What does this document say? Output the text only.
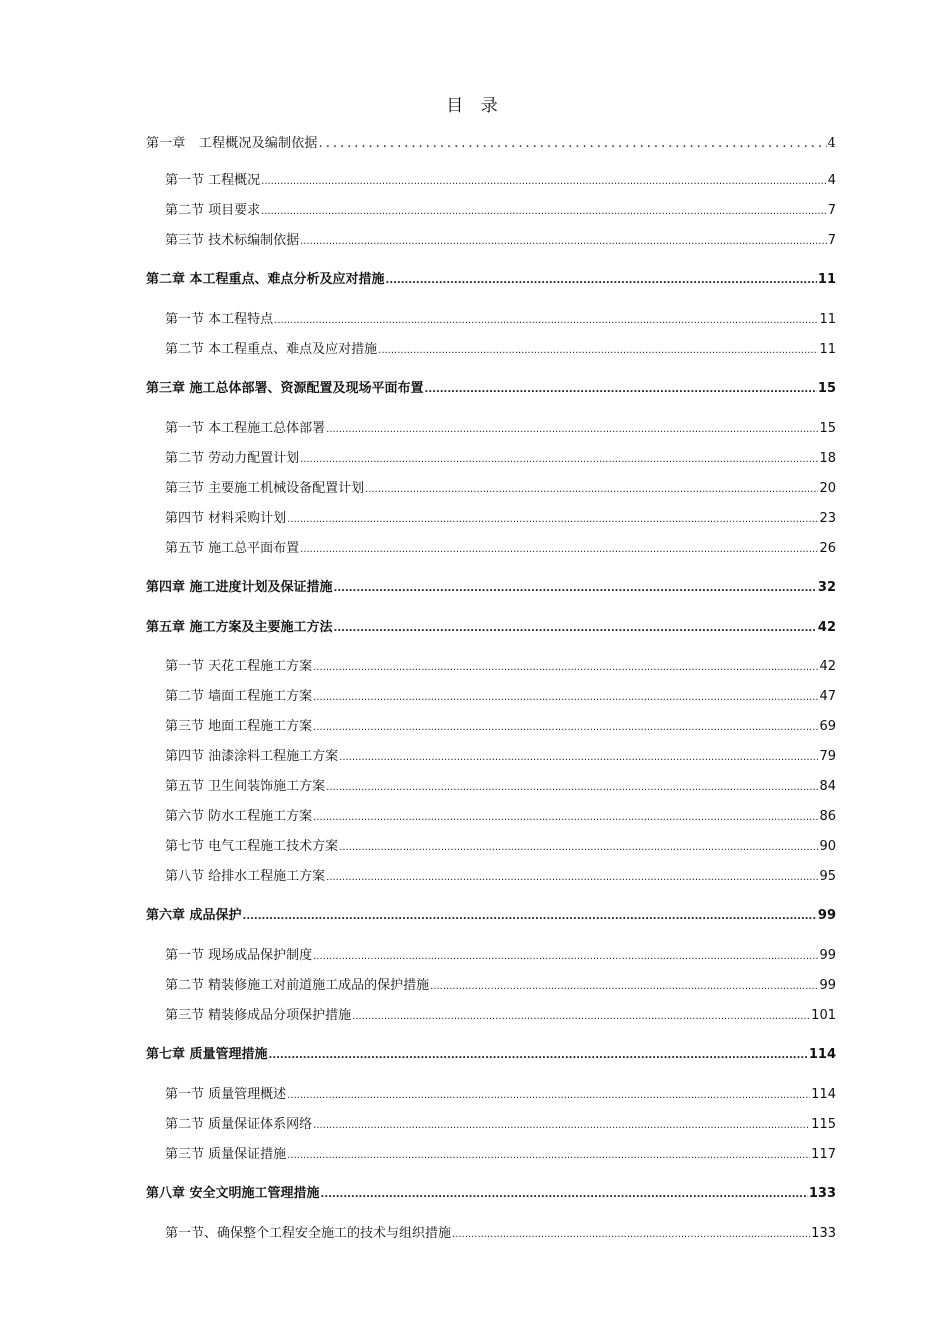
目 录
第一章　工程概况及编制依据 .....	4
第一节 工程概况 .....	4
第二节 项目要求 .....	7
第三节 技术标编制依据 .....	7
第二章 本工程重点、难点分析及应对措施 .....	11
第一节 本工程特点 .....	11
第二节 本工程重点、难点及应对措施 .....	11
第三章 施工总体部署、资源配置及现场平面布置 .....	15
第一节 本工程施工总体部署 .....	15
第二节 劳动力配置计划 .....	18
第三节 主要施工机械设备配置计划 .....	20
第四节 材料采购计划 .....	23
第五节 施工总平面布置 .....	26
第四章 施工进度计划及保证措施 .....	32
第五章 施工方案及主要施工方法 .....	42
第一节 天花工程施工方案 .....	42
第二节 墙面工程施工方案 .....	47
第三节 地面工程施工方案 .....	69
第四节 油漆涂料工程施工方案 .....	79
第五节 卫生间装饰施工方案 .....	84
第六节 防水工程施工方案 .....	86
第七节 电气工程施工技术方案 .....	90
第八节 给排水工程施工方案 .....	95
第六章 成品保护 .....	99
第一节 现场成品保护制度 .....	99
第二节 精装修施工对前道施工成品的保护措施 .....	99
第三节 精装修成品分项保护措施 .....	101
第七章 质量管理措施 .....	114
第一节 质量管理概述 .....	114
第二节 质量保证体系网络 .....	115
第三节 质量保证措施 .....	117
第八章 安全文明施工管理措施 .....	133
第一节、确保整个工程安全施工的技术与组织措施 .....	133
